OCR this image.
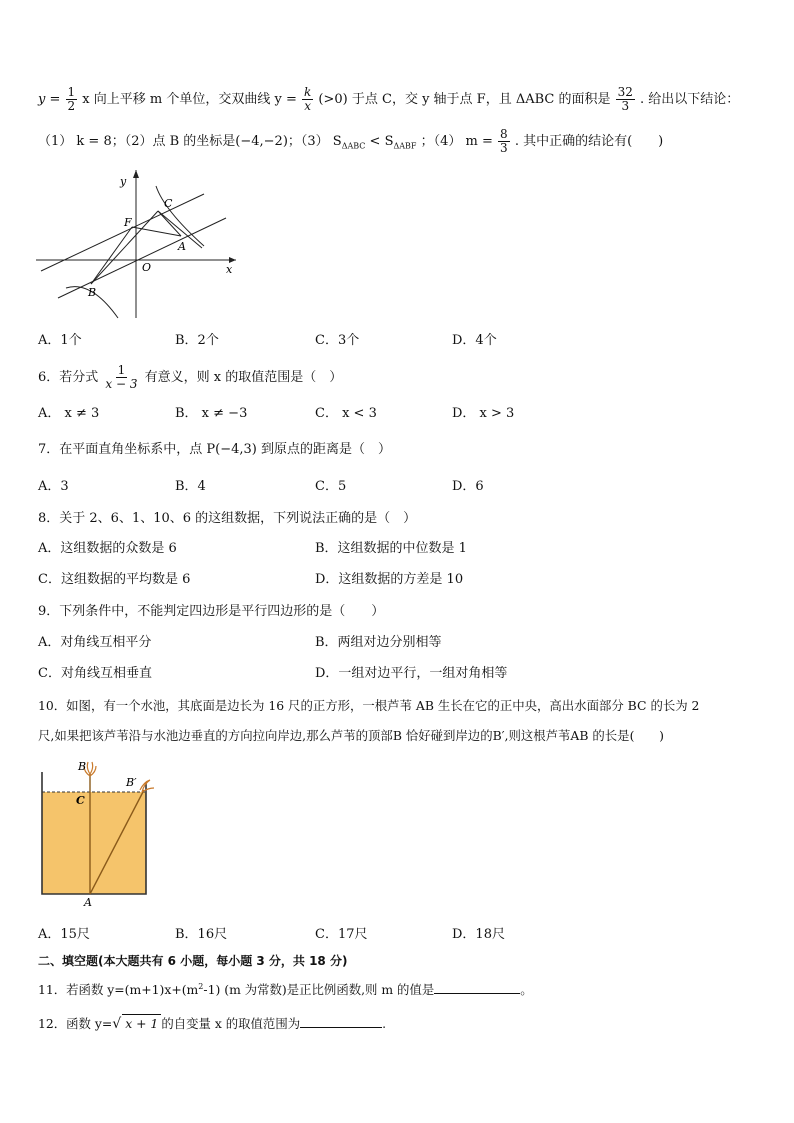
$y = \frac{1}{2}$ x 向上平移 m 个单位，交双曲线 $y = \frac{k}{x} (>0)$ 于点 C，交 y 轴于点 F，且 ΔABC 的面积是 $\frac{32}{3}$ . 给出以下结论：
（1） k = 8；（2）点 B 的坐标是(−4,−2)；（3） $S_{\Delta ABC} < S_{\Delta ABF}$ ；（4） $m = \frac{8}{3}$ . 其中正确的结论有(　　)
y
x
O
F
C
A
B
A．1个	B．2个	C．3个	D．4个
6．若分式 $\frac{1}{x - 3}$ 有意义，则 x 的取值范围是（　）
A． x ≠ 3	B． x ≠ −3	C． x < 3	D． x > 3
7．在平面直角坐标系中，点 P(−4,3) 到原点的距离是（　）
A．3	B．4	C．5	D．6
8．关于 2、6、1、10、6 的这组数据，下列说法正确的是（　）
A．这组数据的众数是 6	B．这组数据的中位数是 1
C．这组数据的平均数是 6	D．这组数据的方差是 10
9．下列条件中，不能判定四边形是平行四边形的是（　　）
A．对角线互相平分	B．两组对边分别相等
C．对角线互相垂直	D．一组对边平行，一组对角相等
10．如图，有一个水池，其底面是边长为 16 尺的正方形，一根芦苇 AB 生长在它的正中央，高出水面部分 BC 的长为 2
尺,如果把该芦苇沿与水池边垂直的方向拉向岸边,那么芦苇的顶部B 恰好碰到岸边的B′,则这根芦苇AB 的长是(　　)
B
B′
C
A
A．15尺	B．16尺	C．17尺	D．18尺
二、填空题(本大题共有 6 小题，每小题 3 分，共 18 分)
11．若函数 $y=(m+1)x+(m^2-1)$ (m 为常数)是正比例函数,则 m 的值是	。
12．函数 y=√ x + 1 的自变量 x 的取值范围为	.
